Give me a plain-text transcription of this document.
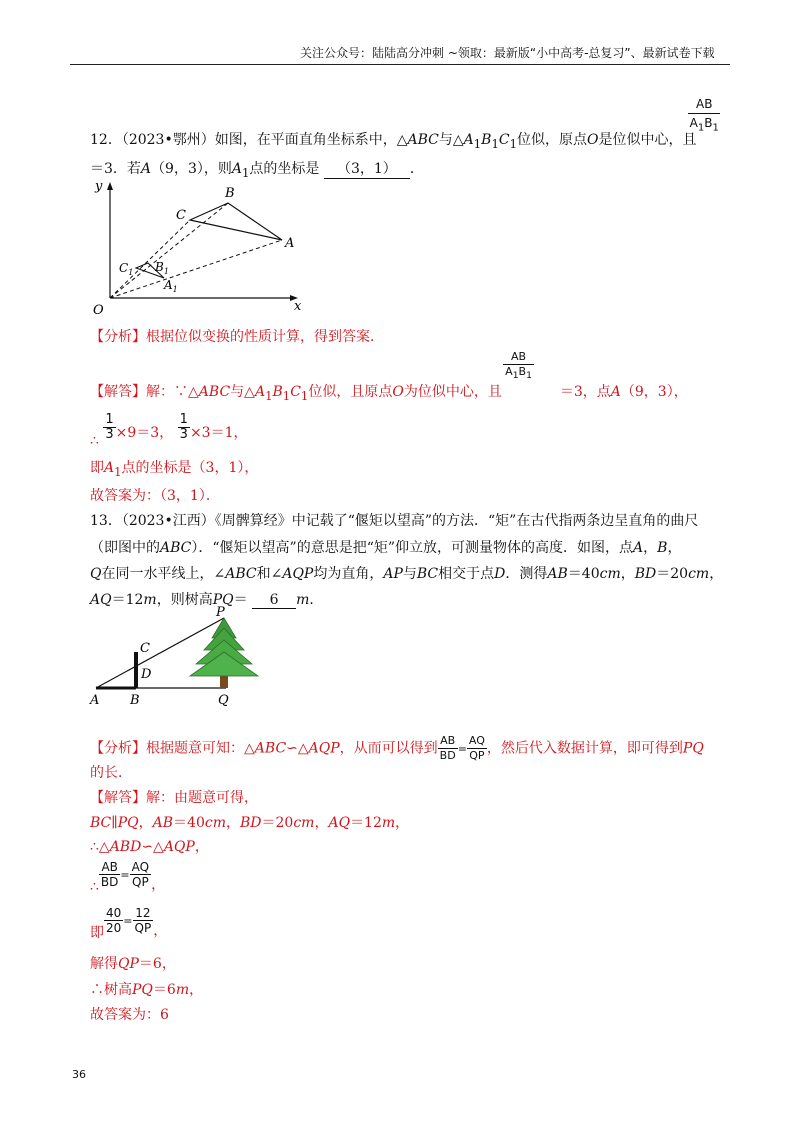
关注公众号：陆陆高分冲刺 ~领取：最新版“小中高考-总复习”、最新试卷下载
$\frac{AB}{A_1B_1}$
12．（2023•鄂州）如图，在平面直角坐标系中，△ABC与$\triangle A_1B_1C_1$位似，原点O是位似中心，且
＝3．若A（9，3），则$A_1$点的坐标是 （3，1） ．
y
x
O
A
B
C
$C_1$ $B_1$
$A_1$
【分析】根据位似变换的性质计算，得到答案．
AB
$A_1B_1$
【解答】解：∵△ABC与$\triangle A_1B_1C_1$位似，且原点O为位似中心，且	＝3，点A（9，3），
∴ $\frac{1}{3} \times 9=3$， $\frac{1}{3} \times 3=1$，
即$A_1$点的坐标是（3，1），
故答案为：（3，1）．
13．（2023•江西）《周髀算经》中记载了“偃矩以望高”的方法．“矩”在古代指两条边呈直角的曲尺
（即图中的ABC）．“偃矩以望高”的意思是把“矩”仰立放，可测量物体的高度．如图，点A，B，
Q在同一水平线上，∠ABC和∠AQP均为直角，AP与BC相交于点D．测得AB＝40cm，BD＝20cm，
AQ＝12m，则树高PQ＝ 6 m．
P
C
D
A B	Q
【分析】根据题意可知：△ABC∽△AQP，从而可以得到 $\frac{AB}{BD} = \frac{AQ}{QP}$ ，然后代入数据计算，即可得到PQ
的长．
【解答】解：由题意可得，
BC∥PQ，AB＝40cm，BD＝20cm，AQ＝12m，
∴△ABD∽△AQP，
∴ $\frac{AB}{BD} = \frac{AQ}{QP}$ ，
即 $\frac{40}{20} = \frac{12}{QP}$ ，
解得QP＝6，
∴树高PQ＝6m，
故答案为：6
36
